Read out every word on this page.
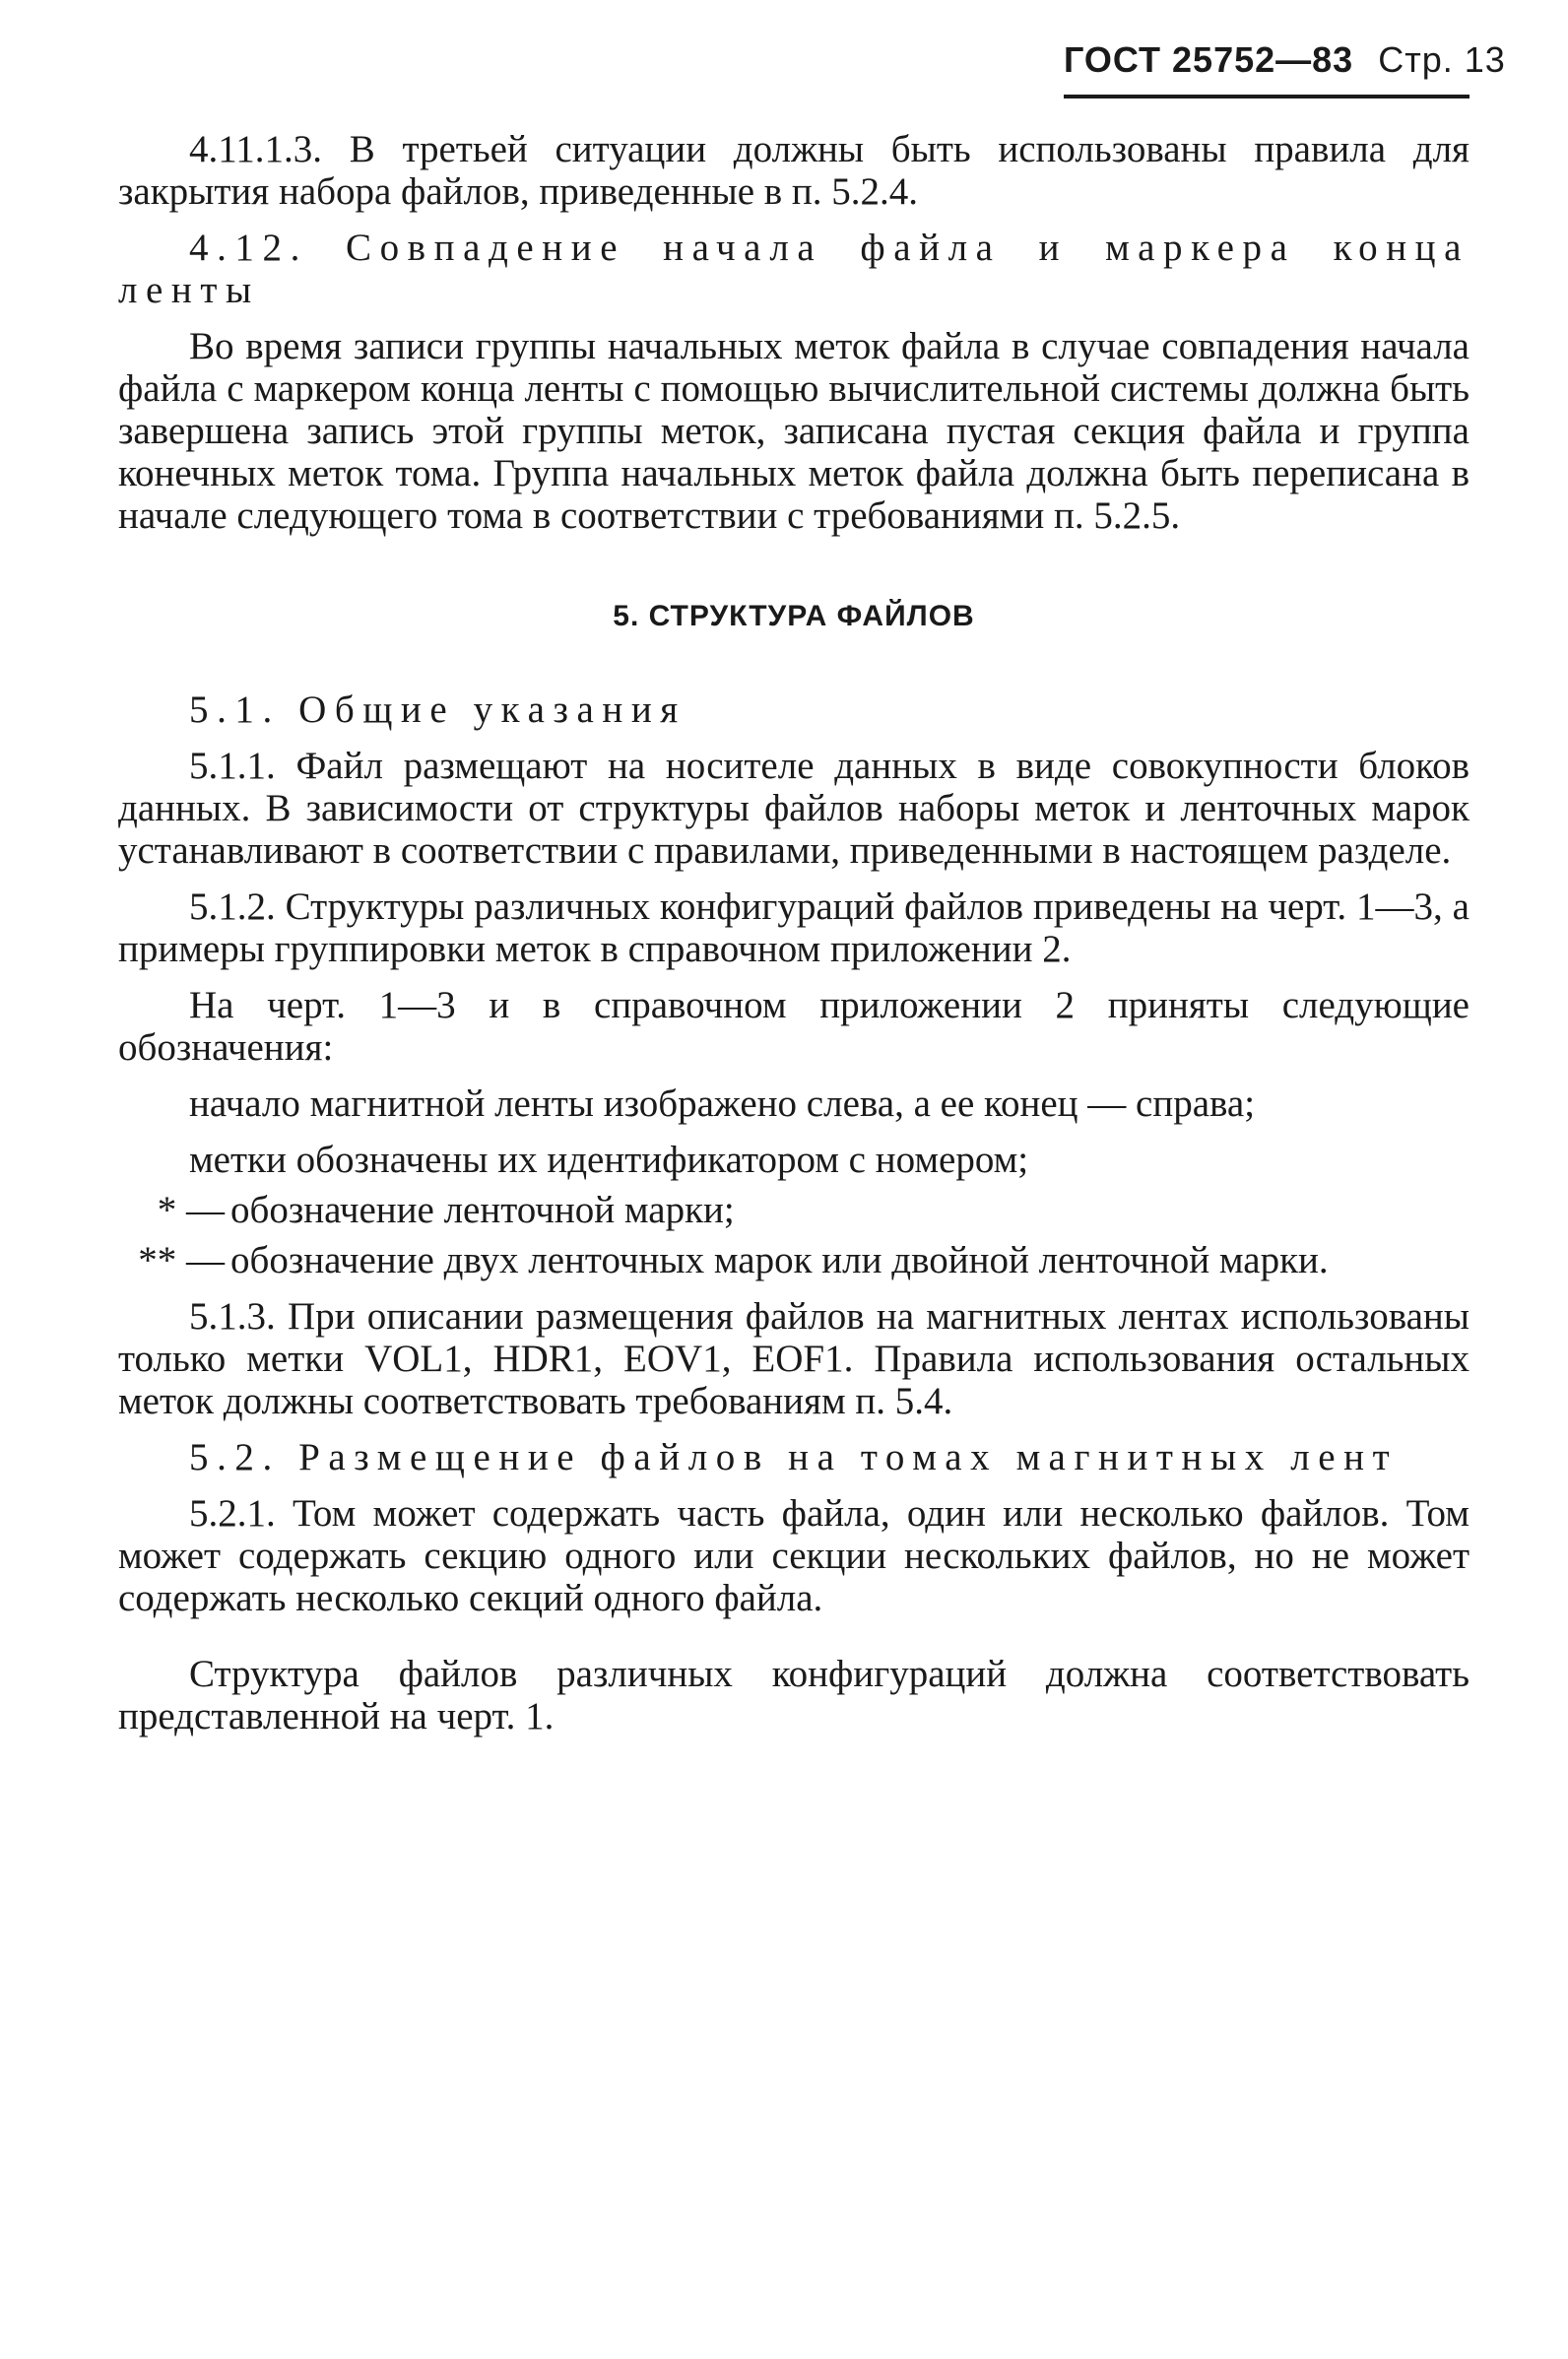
ГОСТ 25752—83 Стр. 13

4.11.1.3. В третьей ситуации должны быть использованы правила для закрытия набора файлов, приведенные в п. 5.2.4.

4.12. Совпадение начала файла и маркера конца ленты

Во время записи группы начальных меток файла в случае совпадения начала файла с маркером конца ленты с помощью вычислительной системы должна быть завершена запись этой группы меток, записана пустая секция файла и группа конечных меток тома. Группа начальных меток файла должна быть переписана в начале следующего тома в соответствии с требованиями п. 5.2.5.

5. СТРУКТУРА ФАЙЛОВ

5.1. Общие указания

5.1.1. Файл размещают на носителе данных в виде совокупности блоков данных. В зависимости от структуры файлов наборы меток и ленточных марок устанавливают в соответствии с правилами, приведенными в настоящем разделе.

5.1.2. Структуры различных конфигураций файлов приведены на черт. 1—3, а примеры группировки меток в справочном приложении 2.

На черт. 1—3 и в справочном приложении 2 приняты следующие обозначения:

начало магнитной ленты изображено слева, а ее конец — справа;

метки обозначены их идентификатором с номером;

* — обозначение ленточной марки;
** — обозначение двух ленточных марок или двойной ленточной марки.

5.1.3. При описании размещения файлов на магнитных лентах использованы только метки VOL1, HDR1, EOV1, EOF1. Правила использования остальных меток должны соответствовать требованиям п. 5.4.

5.2. Размещение файлов на томах магнитных лент

5.2.1. Том может содержать часть файла, один или несколько файлов. Том может содержать секцию одного или секции нескольких файлов, но не может содержать несколько секций одного файла.

Структура файлов различных конфигураций должна соответствовать представленной на черт. 1.
